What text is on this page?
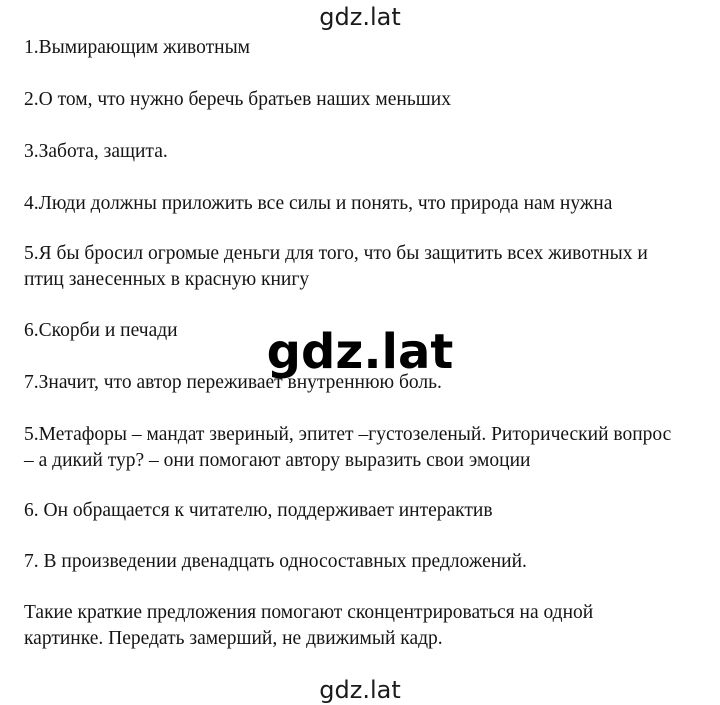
gdz.lat
1.Вымирающим животным
2.О том, что нужно беречь братьев наших меньших
3.Забота, защита.
4.Люди должны приложить все силы и понять, что природа нам нужна
5.Я бы бросил огромые деньги для того, что бы защитить всех животных и
птиц занесенных в красную книгу
6.Скорби и печади
7.Значит, что автор переживает внутреннюю боль.
5.Метафоры – мандат звериный, эпитет –густозеленый. Риторический вопрос
– а дикий тур? – они помогают автору выразить свои эмоции
6. Он обращается к читателю, поддерживает интерактив
7. В произведении двенадцать односоставных предложений.
Такие краткие предложения помогают сконцентрироваться на одной
картинке. Передать замерший, не движимый кадр.
gdz.lat
gdz.lat
